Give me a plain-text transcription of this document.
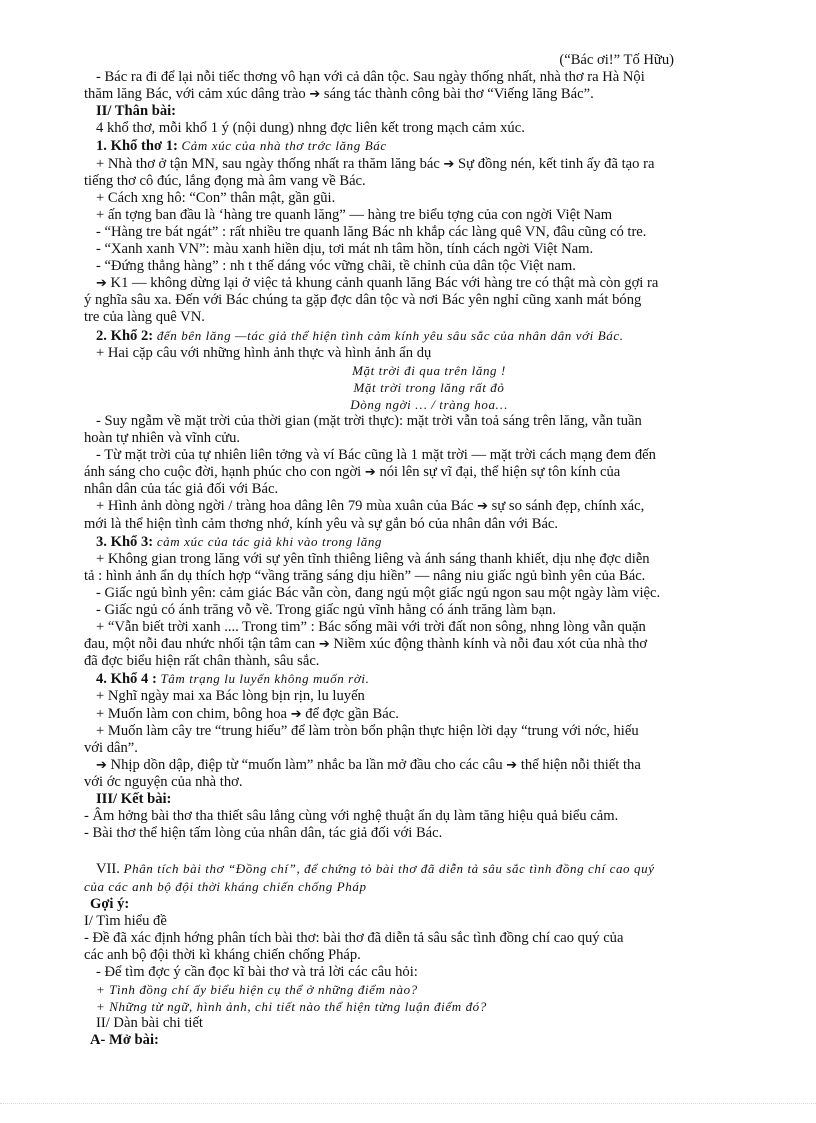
(“Bác ơi!” Tố Hữu)

- Bác ra đi để lại nỗi tiếc thơng vô hạn với cả dân tộc. Sau ngày thống nhất, nhà thơ ra Hà Nội

thăm lăng Bác, với cảm xúc dâng trào ➔ sáng tác thành công bài thơ “Viếng lăng Bác”.

II/ Thân bài:

4 khổ thơ, mỗi khổ 1 ý (nội dung) nhng đợc liên kết trong mạch cảm xúc.

1. Khổ thơ 1: Cảm xúc của nhà thơ trớc lăng Bác

+ Nhà thơ ở tận MN, sau ngày thống nhất ra thăm lăng bác ➔ Sự đồng nén, kết tinh ấy đã tạo ra

tiếng thơ cô đúc, lắng đọng mà âm vang về Bác.

+ Cách xng hô: “Con” thân mật, gần gũi.

+ ấn tợng ban đầu là ‘hàng tre quanh lăng” — hàng tre biểu tợng của con ngời Việt Nam

- “Hàng tre bát ngát” : rất nhiều tre quanh lăng Bác nh khắp các làng quê VN, đâu cũng có tre.

- “Xanh xanh VN”: màu xanh hiền dịu, tơi mát nh tâm hồn, tính cách ngời Việt Nam.

- “Đứng thẳng hàng” : nh t thế dáng vóc vững chãi, tề chỉnh của dân tộc Việt nam.

➔ K1 — không dừng lại ở việc tả khung cảnh quanh lăng Bác với hàng tre có thật mà còn gợi ra

ý nghĩa sâu xa. Đến với Bác chúng ta gặp đợc dân tộc và nơi Bác yên nghỉ cũng xanh mát bóng

tre của làng quê VN.

2. Khổ 2: đến bên lăng —tác giả thể hiện tình cảm kính yêu sâu sắc của nhân dân với Bác.

+ Hai cặp câu với những hình ảnh thực và hình ảnh ẩn dụ

Mặt trời đi qua trên lăng !

Mặt trời trong lăng rất đỏ

Dòng ngời … / tràng hoa…

- Suy ngẫm về mặt trời của thời gian (mặt trời thực): mặt trời vẫn toả sáng trên lăng, vẫn tuần

hoàn tự nhiên và vĩnh cửu.

- Từ mặt trời của tự nhiên liên tởng và ví Bác cũng là 1 mặt trời — mặt trời cách mạng đem đến

ánh sáng cho cuộc đời, hạnh phúc cho con ngời ➔ nói lên sự vĩ đại, thể hiện sự tôn kính của

nhân dân của tác giả đối với Bác.

+ Hình ảnh dòng ngời / tràng hoa dâng lên 79 mùa xuân của Bác ➔ sự so sánh đẹp, chính xác,

mới là thể hiện tình cảm thơng nhớ, kính yêu và sự gắn bó của nhân dân với Bác.

3. Khổ 3: cảm xúc của tác giả khi vào trong lăng

+ Không gian trong lăng với sự yên tĩnh thiêng liêng và ánh sáng thanh khiết, dịu nhẹ đợc diễn

tả : hình ảnh ẩn dụ thích hợp “vầng trăng sáng dịu hiền” — nâng niu giấc ngủ bình yên của Bác.

- Giấc ngủ bình yên: cảm giác Bác vẫn còn, đang ngủ một giấc ngủ ngon sau một ngày làm việc.

- Giấc ngủ có ánh trăng vỗ về. Trong giấc ngủ vĩnh hằng có ánh trăng làm bạn.

+ “Vẫn biết trời xanh .... Trong tim” : Bác sống mãi với trời đất non sông, nhng lòng vẫn quặn

đau, một nỗi đau nhức nhối tận tâm can ➔ Niềm xúc động thành kính và nỗi đau xót của nhà thơ

đã đợc biểu hiện rất chân thành, sâu sắc.

4. Khổ 4 : Tâm trạng lu luyến không muốn rời.

+ Nghĩ ngày mai xa Bác lòng bịn rịn, lu luyến

+ Muốn làm con chim, bông hoa ➔ để đợc gần Bác.

+ Muốn làm cây tre “trung hiếu” để làm tròn bổn phận thực hiện lời dạy “trung với nớc, hiếu

với dân”.

➔ Nhịp dồn dập, điệp từ “muốn làm” nhắc ba lần mở đầu cho các câu ➔ thể hiện nỗi thiết tha

với ớc nguyện của nhà thơ.

III/ Kết bài:

- Âm hởng bài thơ tha thiết sâu lắng cùng với nghệ thuật ẩn dụ làm tăng hiệu quả biểu cảm.

- Bài thơ thể hiện tấm lòng của nhân dân, tác giả đối với Bác.

VII. Phân tích bài thơ “Đồng chí”, để chứng tỏ bài thơ đã diễn tả sâu sắc tình đồng chí cao quý

của các anh bộ đội thời kháng chiến chống Pháp

Gợi ý:

I/ Tìm hiểu đề

- Đề đã xác định hớng phân tích bài thơ: bài thơ đã diễn tả sâu sắc tình đồng chí cao quý của

các anh bộ đội thời kì kháng chiến chống Pháp.

- Để tìm đợc ý cần đọc kĩ bài thơ và trả lời các câu hỏi:

+ Tình đồng chí ấy biểu hiện cụ thể ở những điểm nào?

+ Những từ ngữ, hình ảnh, chi tiết nào thể hiện từng luận điểm đó?

II/ Dàn bài chi tiết

A- Mở bài:
